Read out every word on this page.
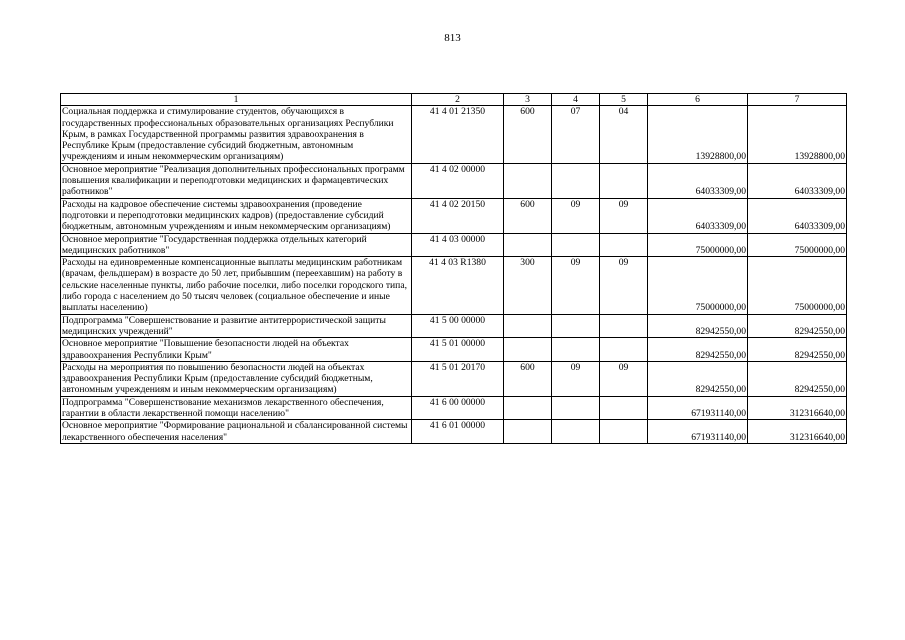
813
1	2	3	4	5	6	7
Социальная поддержка и стимулирование студентов, обучающихся в государственных профессиональных образовательных организациях Республики Крым, в рамках Государственной программы развития здравоохранения в Республике Крым (предоставление субсидий бюджетным, автономным учреждениям и иным некоммерческим организациям)	41 4 01 21350	600	07	04	13928800,00	13928800,00
Основное мероприятие "Реализация дополнительных профессиональных программ повышения квалификации и переподготовки медицинских и фармацевтических работников"	41 4 02 00000				64033309,00	64033309,00
Расходы на кадровое обеспечение системы здравоохранения (проведение подготовки и переподготовки медицинских кадров) (предоставление субсидий бюджетным, автономным учреждениям и иным некоммерческим организациям)	41 4 02 20150	600	09	09	64033309,00	64033309,00
Основное мероприятие "Государственная поддержка отдельных категорий медицинских работников"	41 4 03 00000				75000000,00	75000000,00
Расходы на единовременные компенсационные выплаты медицинским работникам (врачам, фельдшерам) в возрасте до 50 лет, прибывшим (переехавшим) на работу в сельские населенные пункты, либо рабочие поселки, либо поселки городского типа, либо города с населением до 50 тысяч человек (социальное обеспечение и иные выплаты населению)	41 4 03 R1380	300	09	09	75000000,00	75000000,00
Подпрограмма "Совершенствование и развитие антитеррористической защиты медицинских учреждений"	41 5 00 00000				82942550,00	82942550,00
Основное мероприятие "Повышение безопасности людей на объектах здравоохранения Республики Крым"	41 5 01 00000				82942550,00	82942550,00
Расходы на мероприятия по повышению безопасности людей на объектах здравоохранения Республики Крым (предоставление субсидий бюджетным, автономным учреждениям и иным некоммерческим организациям)	41 5 01 20170	600	09	09	82942550,00	82942550,00
Подпрограмма "Совершенствование механизмов лекарственного обеспечения, гарантии в области лекарственной помощи населению"	41 6 00 00000				671931140,00	312316640,00
Основное мероприятие "Формирование рациональной и сбалансированной системы лекарственного обеспечения населения"	41 6 01 00000				671931140,00	312316640,00
